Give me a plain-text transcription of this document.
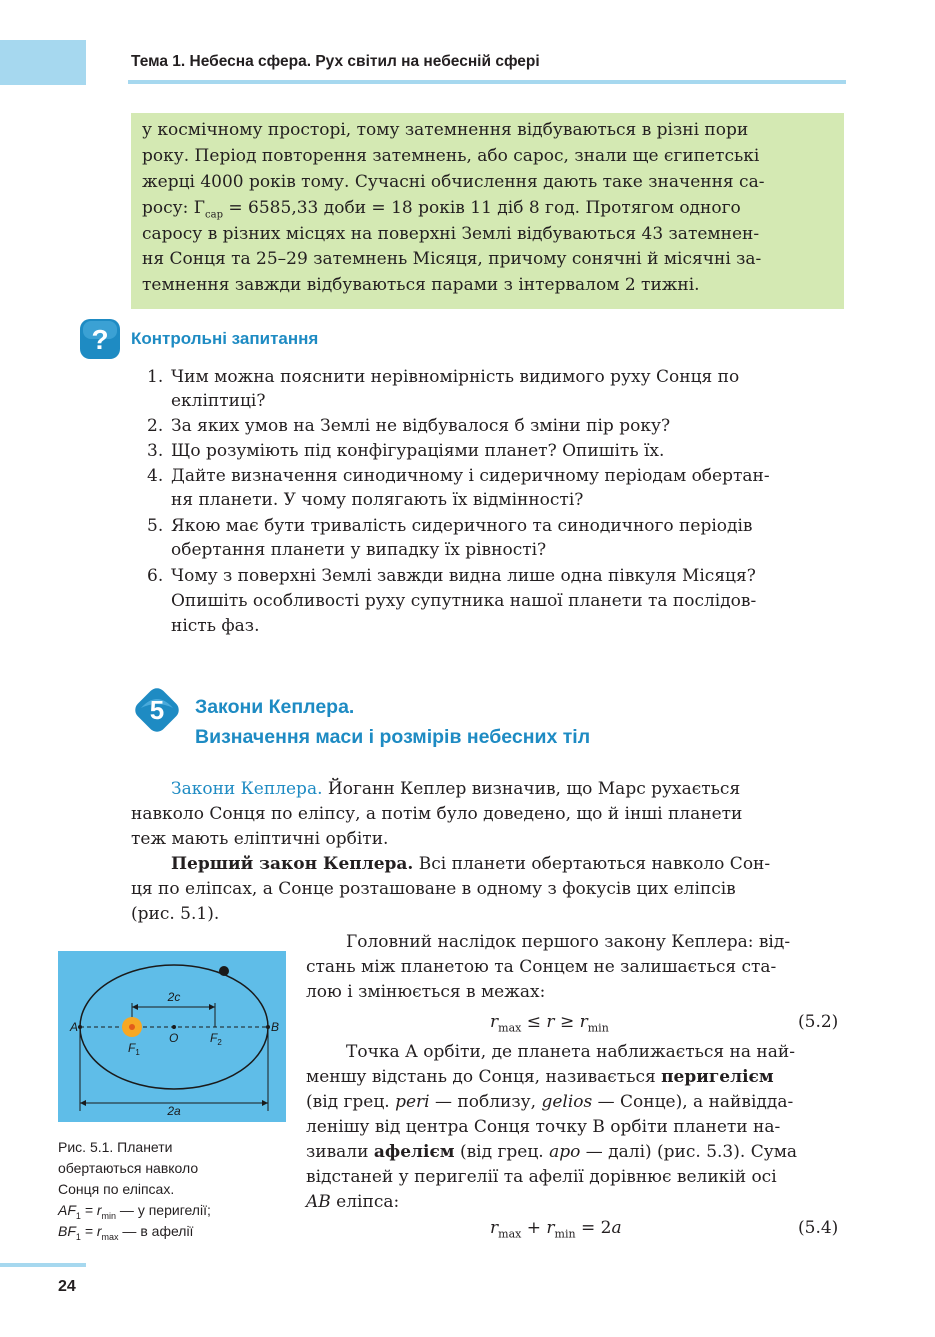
Тема 1. Небесна сфера. Рух світил на небесній сфері
у космічному просторі, тому затемнення відбуваються в різні пори
року. Період повторення затемнень, або сарос, знали ще єгипетські
жерці 4000 років тому. Сучасні обчислення дають таке значення са-
росу: $Г_{сар} = 6585,33$ доби = 18 років 11 діб 8 год. Протягом одного
саросу в різних місцях на поверхні Землі відбуваються 43 затемнен-
ня Сонця та 25–29 затемнень Місяця, причому сонячні й місячні за-
темнення завжди відбуваються парами з інтервалом 2 тижні.
? Контрольні запитання
1. Чим можна пояснити нерівномірність видимого руху Сонця по
екліптиці?
2. За яких умов на Землі не відбувалося б зміни пір року?
3. Що розуміють під конфігураціями планет? Опишіть їх.
4. Дайте визначення синодичному і сидеричному періодам обертан-
ня планети. У чому полягають їх відмінності?
5. Якою має бути тривалість сидеричного та синодичного періодів
обертання планети у випадку їх рівності?
6. Чому з поверхні Землі завжди видна лише одна півкуля Місяця?
Опишіть особливості руху супутника нашої планети та послідов-
ність фаз.
5 Закони Кеплера.
Визначення маси і розмірів небесних тіл
Закони Кеплера. Йоганн Кеплер визначив, що Марс рухається
навколо Сонця по еліпсу, а потім було доведено, що й інші планети
теж мають еліптичні орбіти.
Перший закон Кеплера. Всі планети обертаються навколо Сон-
ця по еліпсах, а Сонце розташоване в одному з фокусів цих еліпсів
(рис. 5.1).
Головний наслідок першого закону Кеплера: від-
стань між планетою та Сонцем не залишається ста-
лою і змінюється в межах:
$r_{max} \le r \ge r_{min}$	(5.2)
Точка А орбіти, де планета наближається на най-
меншу відстань до Сонця, називається перигелієм
(від грец. peri — поблизу, gelios — Сонце), а найвідда-
ленішу від центра Сонця точку В орбіти планети на-
зивали афелієм (від грец. apo — далі) (рис. 5.3). Сума
відстаней у перигелії та афелії дорівнює великій осі
AB еліпса:
$r_{max} + r_{min} = 2a$	(5.4)
2c
2a
A	B
O
$F_1$
$F_2$
Рис. 5.1. Планети
обертаються навколо
Сонця по еліпсах.
$AF_1 = r_{min}$ — у перигелії;
$BF_1 = r_{max}$ — в афелії
24
